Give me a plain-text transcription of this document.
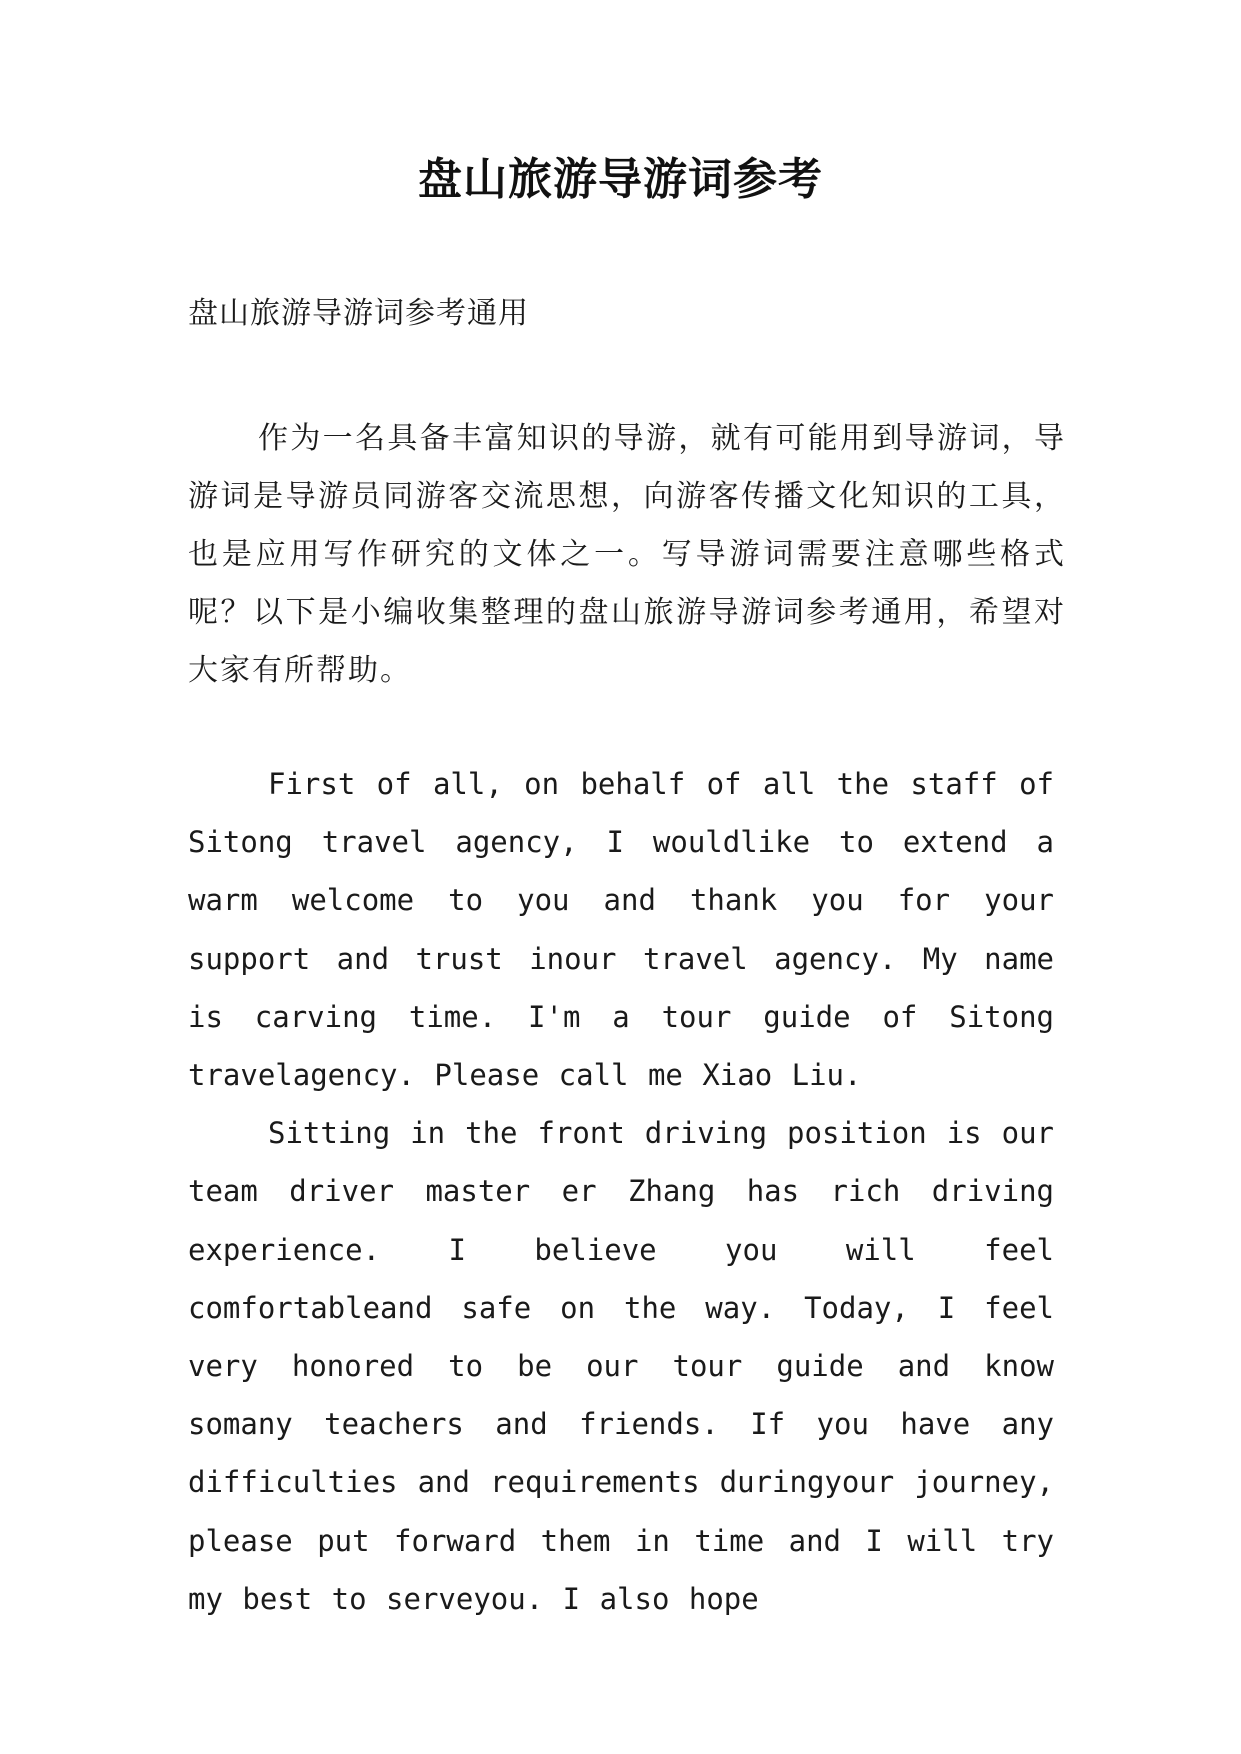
盘山旅游导游词参考

盘山旅游导游词参考通用

作为一名具备丰富知识的导游，就有可能用到导游词，导游词是导游员同游客交流思想，向游客传播文化知识的工具，也是应用写作研究的文体之一。写导游词需要注意哪些格式呢？以下是小编收集整理的盘山旅游导游词参考通用，希望对大家有所帮助。

First of all, on behalf of all the staff of Sitong travel agency, I wouldlike to extend a warm welcome to you and thank you for your support and trust inour travel agency. My name is carving time. I'm a tour guide of Sitong travelagency. Please call me Xiao Liu.

Sitting in the front driving position is our team driver master er Zhang has rich driving experience. I believe you will feel comfortableand safe on the way. Today, I feel very honored to be our tour guide and know somany teachers and friends. If you have any difficulties and requirements duringyour journey, please put forward them in time and I will try my best to serveyou. I also hope
